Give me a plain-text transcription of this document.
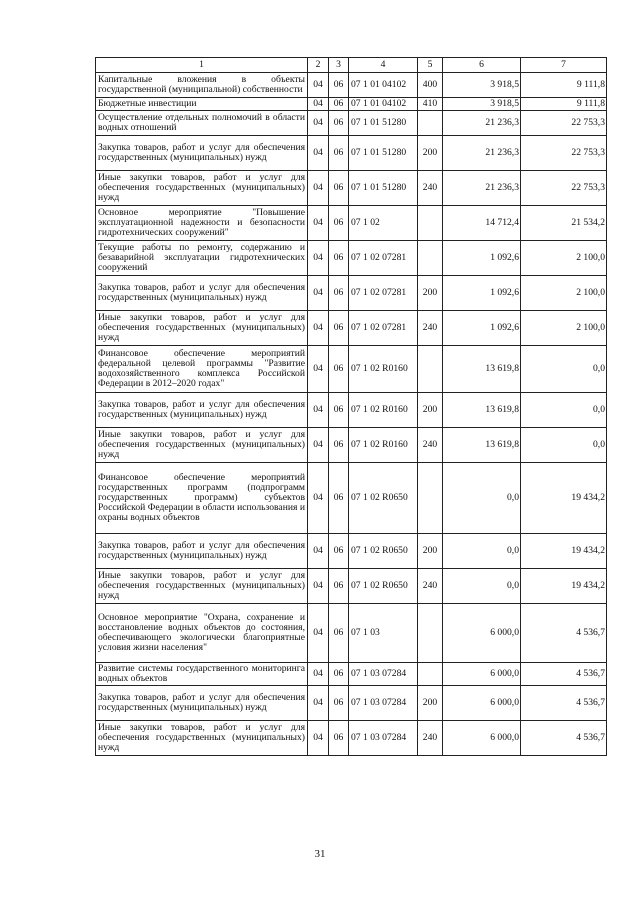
1	2	3	4	5	6	7
Капитальные вложения в объекты государственной (муниципальной) собственности	04	06	07 1 01 04102	400	3 918,5	9 111,8
Бюджетные инвестиции	04	06	07 1 01 04102	410	3 918,5	9 111,8
Осуществление отдельных полномочий в области водных отношений	04	06	07 1 01 51280		21 236,3	22 753,3
Закупка товаров, работ и услуг для обеспечения государственных (муниципальных) нужд	04	06	07 1 01 51280	200	21 236,3	22 753,3
Иные закупки товаров, работ и услуг для обеспечения государственных (муниципальных) нужд	04	06	07 1 01 51280	240	21 236,3	22 753,3
Основное мероприятие "Повышение эксплуатационной надежности и безопасности гидротехнических сооружений"	04	06	07 1 02		14 712,4	21 534,2
Текущие работы по ремонту, содержанию и безаварийной эксплуатации гидротехнических сооружений	04	06	07 1 02 07281		1 092,6	2 100,0
Закупка товаров, работ и услуг для обеспечения государственных (муниципальных) нужд	04	06	07 1 02 07281	200	1 092,6	2 100,0
Иные закупки товаров, работ и услуг для обеспечения государственных (муниципальных) нужд	04	06	07 1 02 07281	240	1 092,6	2 100,0
Финансовое обеспечение мероприятий федеральной целевой программы "Развитие водохозяйственного комплекса Российской Федерации в 2012–2020 годах"	04	06	07 1 02 R0160		13 619,8	0,0
Закупка товаров, работ и услуг для обеспечения государственных (муниципальных) нужд	04	06	07 1 02 R0160	200	13 619,8	0,0
Иные закупки товаров, работ и услуг для обеспечения государственных (муниципальных) нужд	04	06	07 1 02 R0160	240	13 619,8	0,0
Финансовое обеспечение мероприятий государственных программ (подпрограмм государственных программ) субъектов Российской Федерации в области использования и охраны водных объектов	04	06	07 1 02 R0650		0,0	19 434,2
Закупка товаров, работ и услуг для обеспечения государственных (муниципальных) нужд	04	06	07 1 02 R0650	200	0,0	19 434,2
Иные закупки товаров, работ и услуг для обеспечения государственных (муниципальных) нужд	04	06	07 1 02 R0650	240	0,0	19 434,2
Основное мероприятие "Охрана, сохранение и восстановление водных объектов до состояния, обеспечивающего экологически благоприятные условия жизни населения"	04	06	07 1 03		6 000,0	4 536,7
Развитие системы государственного мониторинга водных объектов	04	06	07 1 03 07284		6 000,0	4 536,7
Закупка товаров, работ и услуг для обеспечения государственных (муниципальных) нужд	04	06	07 1 03 07284	200	6 000,0	4 536,7
Иные закупки товаров, работ и услуг для обеспечения государственных (муниципальных) нужд	04	06	07 1 03 07284	240	6 000,0	4 536,7
31
